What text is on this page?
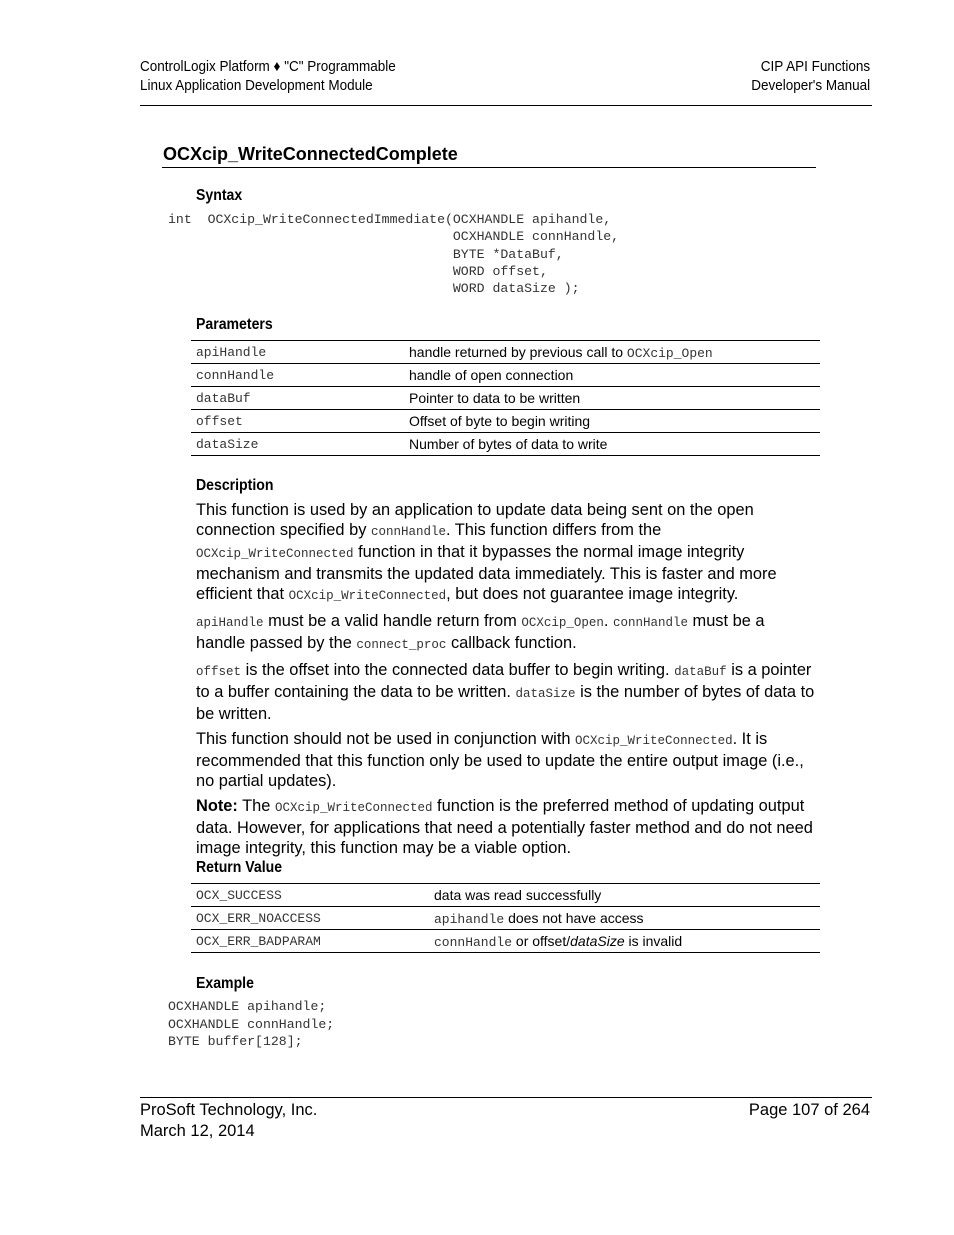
ControlLogix Platform ♦ "C" Programmable
Linux Application Development Module
CIP API Functions
Developer's Manual
OCXcip_WriteConnectedComplete
Syntax
int  OCXcip_WriteConnectedImmediate(OCXHANDLE apihandle,
OCXHANDLE connHandle,
BYTE *DataBuf,
WORD offset,
WORD dataSize );
Parameters
apiHandle	handle returned by previous call to OCXcip_Open
connHandle	handle of open connection
dataBuf	Pointer to data to be written
offset	Offset of byte to begin writing
dataSize	Number of bytes of data to write
Description

This function is used by an application to update data being sent on the open connection specified by connHandle. This function differs from the
OCXcip_WriteConnected function in that it bypasses the normal image integrity mechanism and transmits the updated data immediately. This is faster and more efficient that OCXcip_WriteConnected, but does not guarantee image integrity.

apiHandle must be a valid handle return from OCXcip_Open. connHandle must be a handle passed by the connect_proc callback function.

offset is the offset into the connected data buffer to begin writing. dataBuf is a pointer to a buffer containing the data to be written. dataSize is the number of bytes of data to be written.

This function should not be used in conjunction with OCXcip_WriteConnected. It is recommended that this function only be used to update the entire output image (i.e., no partial updates).

Note: The OCXcip_WriteConnected function is the preferred method of updating output data. However, for applications that need a potentially faster method and do not need image integrity, this function may be a viable option.

Return Value
OCX_SUCCESS	data was read successfully
OCX_ERR_NOACCESS	apihandle does not have access
OCX_ERR_BADPARAM	connHandle or offset/dataSize is invalid
Example
OCXHANDLE apihandle;
OCXHANDLE connHandle;
BYTE buffer[128];
ProSoft Technology, Inc.
March 12, 2014
Page 107 of 264
